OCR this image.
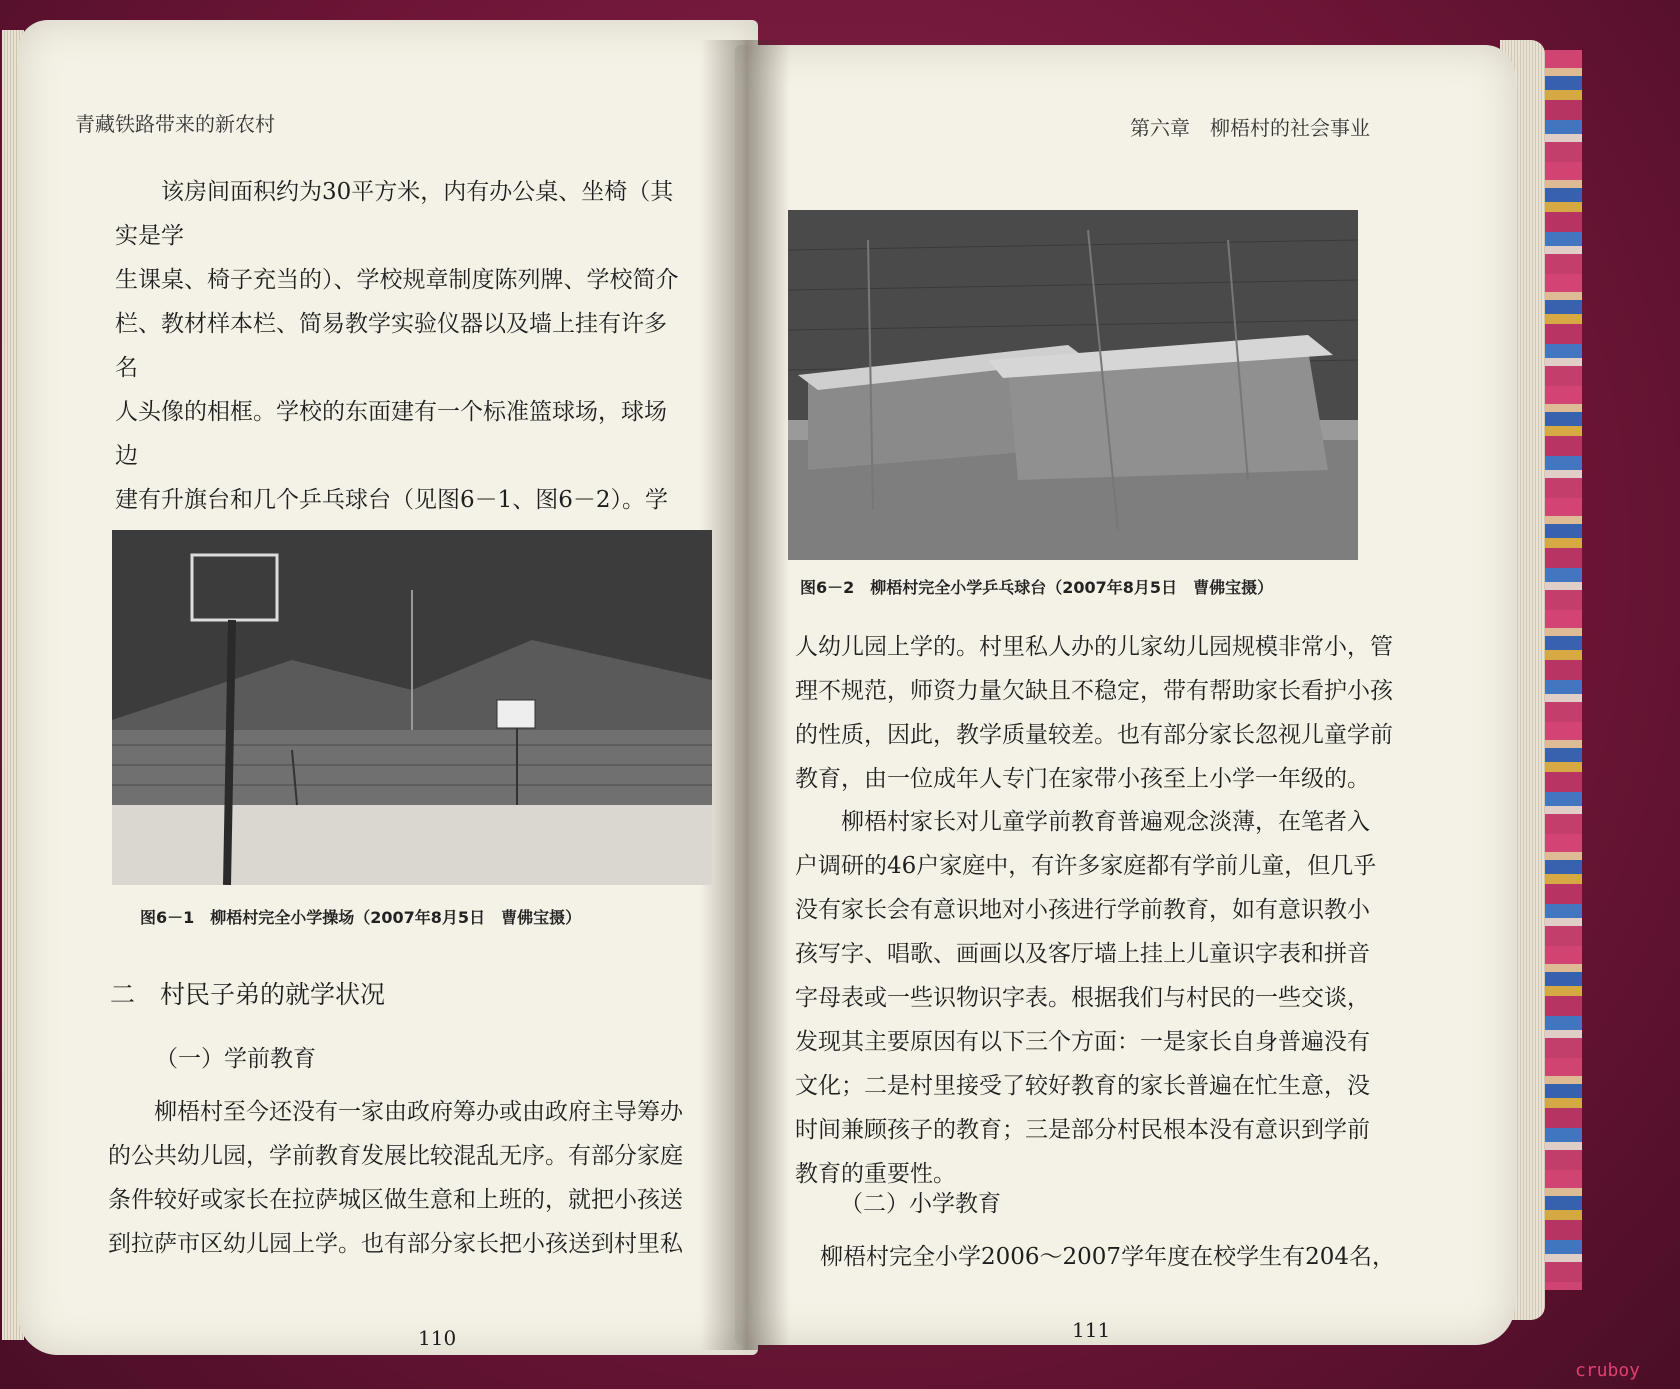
青藏铁路带来的新农村

该房间面积约为30平方米，内有办公桌、坐椅（其实是学

生课桌、椅子充当的）、学校规章制度陈列牌、学校简介

栏、教材样本栏、简易教学实验仪器以及墙上挂有许多名

人头像的相框。学校的东面建有一个标准篮球场，球场边

建有升旗台和几个乒乓球台（见图6－1、图6－2）。学

图6－1　柳梧村完全小学操场（2007年8月5日　曹佛宝摄）
二　村民子弟的就学状况
（一）学前教育

柳梧村至今还没有一家由政府筹办或由政府主导筹办

的公共幼儿园，学前教育发展比较混乱无序。有部分家庭

条件较好或家长在拉萨城区做生意和上班的，就把小孩送

到拉萨市区幼儿园上学。也有部分家长把小孩送到村里私

110
第六章　柳梧村的社会事业
图6－2　柳梧村完全小学乒乓球台（2007年8月5日　曹佛宝摄）

人幼儿园上学的。村里私人办的儿家幼儿园规模非常小，管

理不规范，师资力量欠缺且不稳定，带有帮助家长看护小孩

的性质，因此，教学质量较差。也有部分家长忽视儿童学前

教育，由一位成年人专门在家带小孩至上小学一年级的。

柳梧村家长对儿童学前教育普遍观念淡薄，在笔者入

户调研的46户家庭中，有许多家庭都有学前儿童，但几乎

没有家长会有意识地对小孩进行学前教育，如有意识教小

孩写字、唱歌、画画以及客厅墙上挂上儿童识字表和拼音

字母表或一些识物识字表。根据我们与村民的一些交谈，

发现其主要原因有以下三个方面：一是家长自身普遍没有

文化；二是村里接受了较好教育的家长普遍在忙生意，没

时间兼顾孩子的教育；三是部分村民根本没有意识到学前

教育的重要性。

（二）小学教育

柳梧村完全小学2006～2007学年度在校学生有204名，

111
cruboy
